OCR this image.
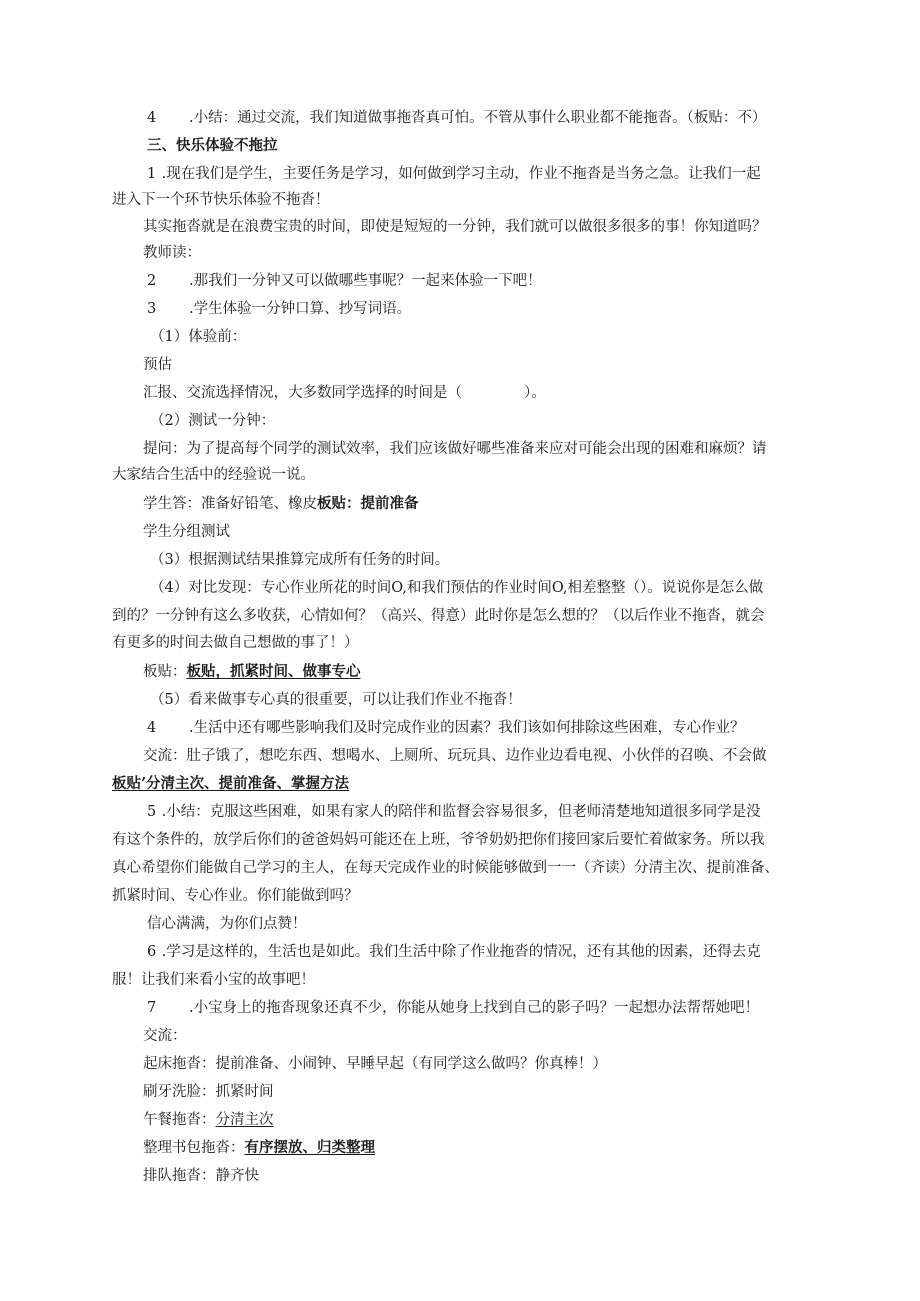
4 .小结：通过交流，我们知道做事拖沓真可怕。不管从事什么职业都不能拖沓。（板贴：不）
三、快乐体验不拖拉
1 .现在我们是学生，主要任务是学习，如何做到学习主动，作业不拖沓是当务之急。让我们一起
进入下一个环节快乐体验不拖沓！
其实拖沓就是在浪费宝贵的时间，即使是短短的一分钟，我们就可以做很多很多的事！你知道吗？
教师读：
2 .那我们一分钟又可以做哪些事呢？一起来体验一下吧！
3 .学生体验一分钟口算、抄写词语。
（1）体验前：
预估
汇报、交流选择情况，大多数同学选择的时间是（	）。
（2）测试一分钟：
提问：为了提高每个同学的测试效率，我们应该做好哪些准备来应对可能会出现的困难和麻烦？请
大家结合生活中的经验说一说。
学生答：准备好铅笔、橡皮板贴：提前准备
学生分组测试
（3）根据测试结果推算完成所有任务的时间。
（4）对比发现：专心作业所花的时间O,和我们预估的作业时间O,相差整整（）。说说你是怎么做
到的？一分钟有这么多收获，心情如何？（高兴、得意）此时你是怎么想的？（以后作业不拖沓，就会
有更多的时间去做自己想做的事了！）
板贴：板贴，抓紧时间、做事专心
（5）看来做事专心真的很重要，可以让我们作业不拖沓！
4 .生活中还有哪些影响我们及时完成作业的因素？我们该如何排除这些困难，专心作业？
交流：肚子饿了，想吃东西、想喝水、上厕所、玩玩具、边作业边看电视、小伙伴的召唤、不会做
板贴’分清主次、提前准备、掌握方法
5 .小结：克服这些困难，如果有家人的陪伴和监督会容易很多，但老师清楚地知道很多同学是没
有这个条件的，放学后你们的爸爸妈妈可能还在上班，爷爷奶奶把你们接回家后要忙着做家务。所以我
真心希望你们能做自己学习的主人，在每天完成作业的时候能够做到一一（齐读）分清主次、提前准备、
抓紧时间、专心作业。你们能做到吗？
信心满满，为你们点赞！
6 .学习是这样的，生活也是如此。我们生活中除了作业拖沓的情况，还有其他的因素，还得去克
服！让我们来看小宝的故事吧！
7 .小宝身上的拖沓现象还真不少，你能从她身上找到自己的影子吗？一起想办法帮帮她吧！
交流：
起床拖沓：提前准备、小闹钟、早睡早起（有同学这么做吗？你真棒！）
刷牙洗脸：抓紧时间
午餐拖沓：分清主次
整理书包拖沓：有序摆放、归类整理
排队拖沓：静齐快
